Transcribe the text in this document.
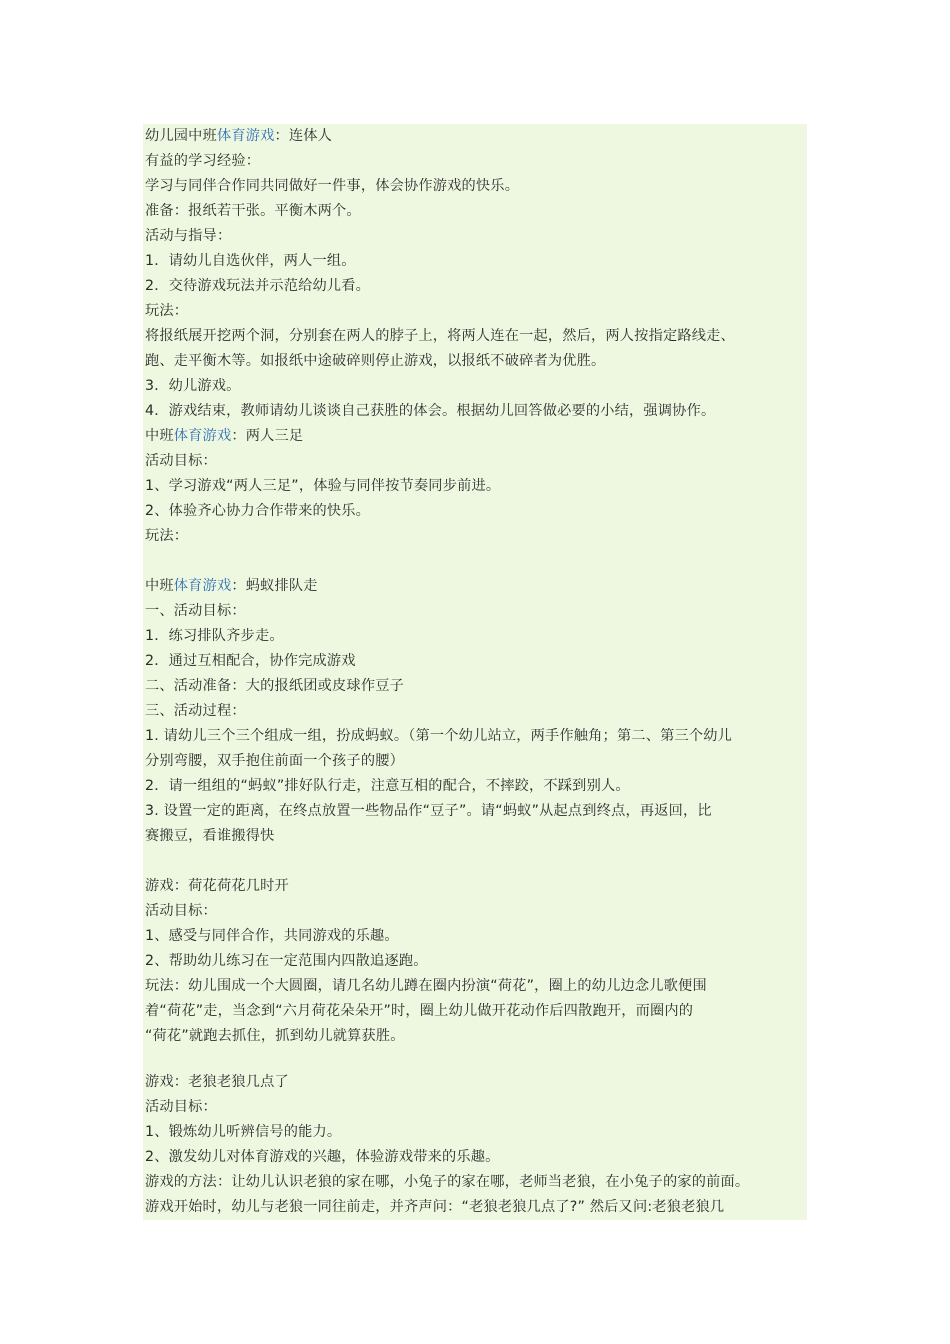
幼儿园中班体育游戏：连体人
有益的学习经验：
学习与同伴合作同共同做好一件事，体会协作游戏的快乐。
准备：报纸若干张。平衡木两个。
活动与指导：
1．请幼儿自选伙伴，两人一组。
2．交待游戏玩法并示范给幼儿看。
玩法：
将报纸展开挖两个洞，分别套在两人的脖子上，将两人连在一起，然后，两人按指定路线走、
跑、走平衡木等。如报纸中途破碎则停止游戏，以报纸不破碎者为优胜。
3．幼儿游戏。
4．游戏结束，教师请幼儿谈谈自己获胜的体会。根据幼儿回答做必要的小结，强调协作。
中班体育游戏：两人三足
活动目标：
1、学习游戏“两人三足”，体验与同伴按节奏同步前进。
2、体验齐心协力合作带来的快乐。
玩法：
中班体育游戏：蚂蚁排队走
一、活动目标：
1．练习排队齐步走。
2．通过互相配合，协作完成游戏
二、活动准备：大的报纸团或皮球作豆子
三、活动过程：
1. 请幼儿三个三个组成一组，扮成蚂蚁。（第一个幼儿站立，两手作触角；第二、第三个幼儿
分别弯腰，双手抱住前面一个孩子的腰）
2．请一组组的“蚂蚁”排好队行走，注意互相的配合，不摔跤，不踩到别人。
3. 设置一定的距离，在终点放置一些物品作“豆子”。请“蚂蚁”从起点到终点，再返回，比
赛搬豆，看谁搬得快
游戏：荷花荷花几时开
活动目标：
1、感受与同伴合作，共同游戏的乐趣。
2、帮助幼儿练习在一定范围内四散追逐跑。
玩法：幼儿围成一个大圆圈，请几名幼儿蹲在圈内扮演“荷花”，圈上的幼儿边念儿歌便围
着“荷花”走，当念到“六月荷花朵朵开”时，圈上幼儿做开花动作后四散跑开，而圈内的
“荷花”就跑去抓住，抓到幼儿就算获胜。
游戏：老狼老狼几点了
活动目标：
1、锻炼幼儿听辨信号的能力。
2、激发幼儿对体育游戏的兴趣，体验游戏带来的乐趣。
游戏的方法：让幼儿认识老狼的家在哪，小兔子的家在哪，老师当老狼，在小兔子的家的前面。
游戏开始时，幼儿与老狼一同往前走，并齐声问：“老狼老狼几点了?” 然后又问:老狼老狼几
